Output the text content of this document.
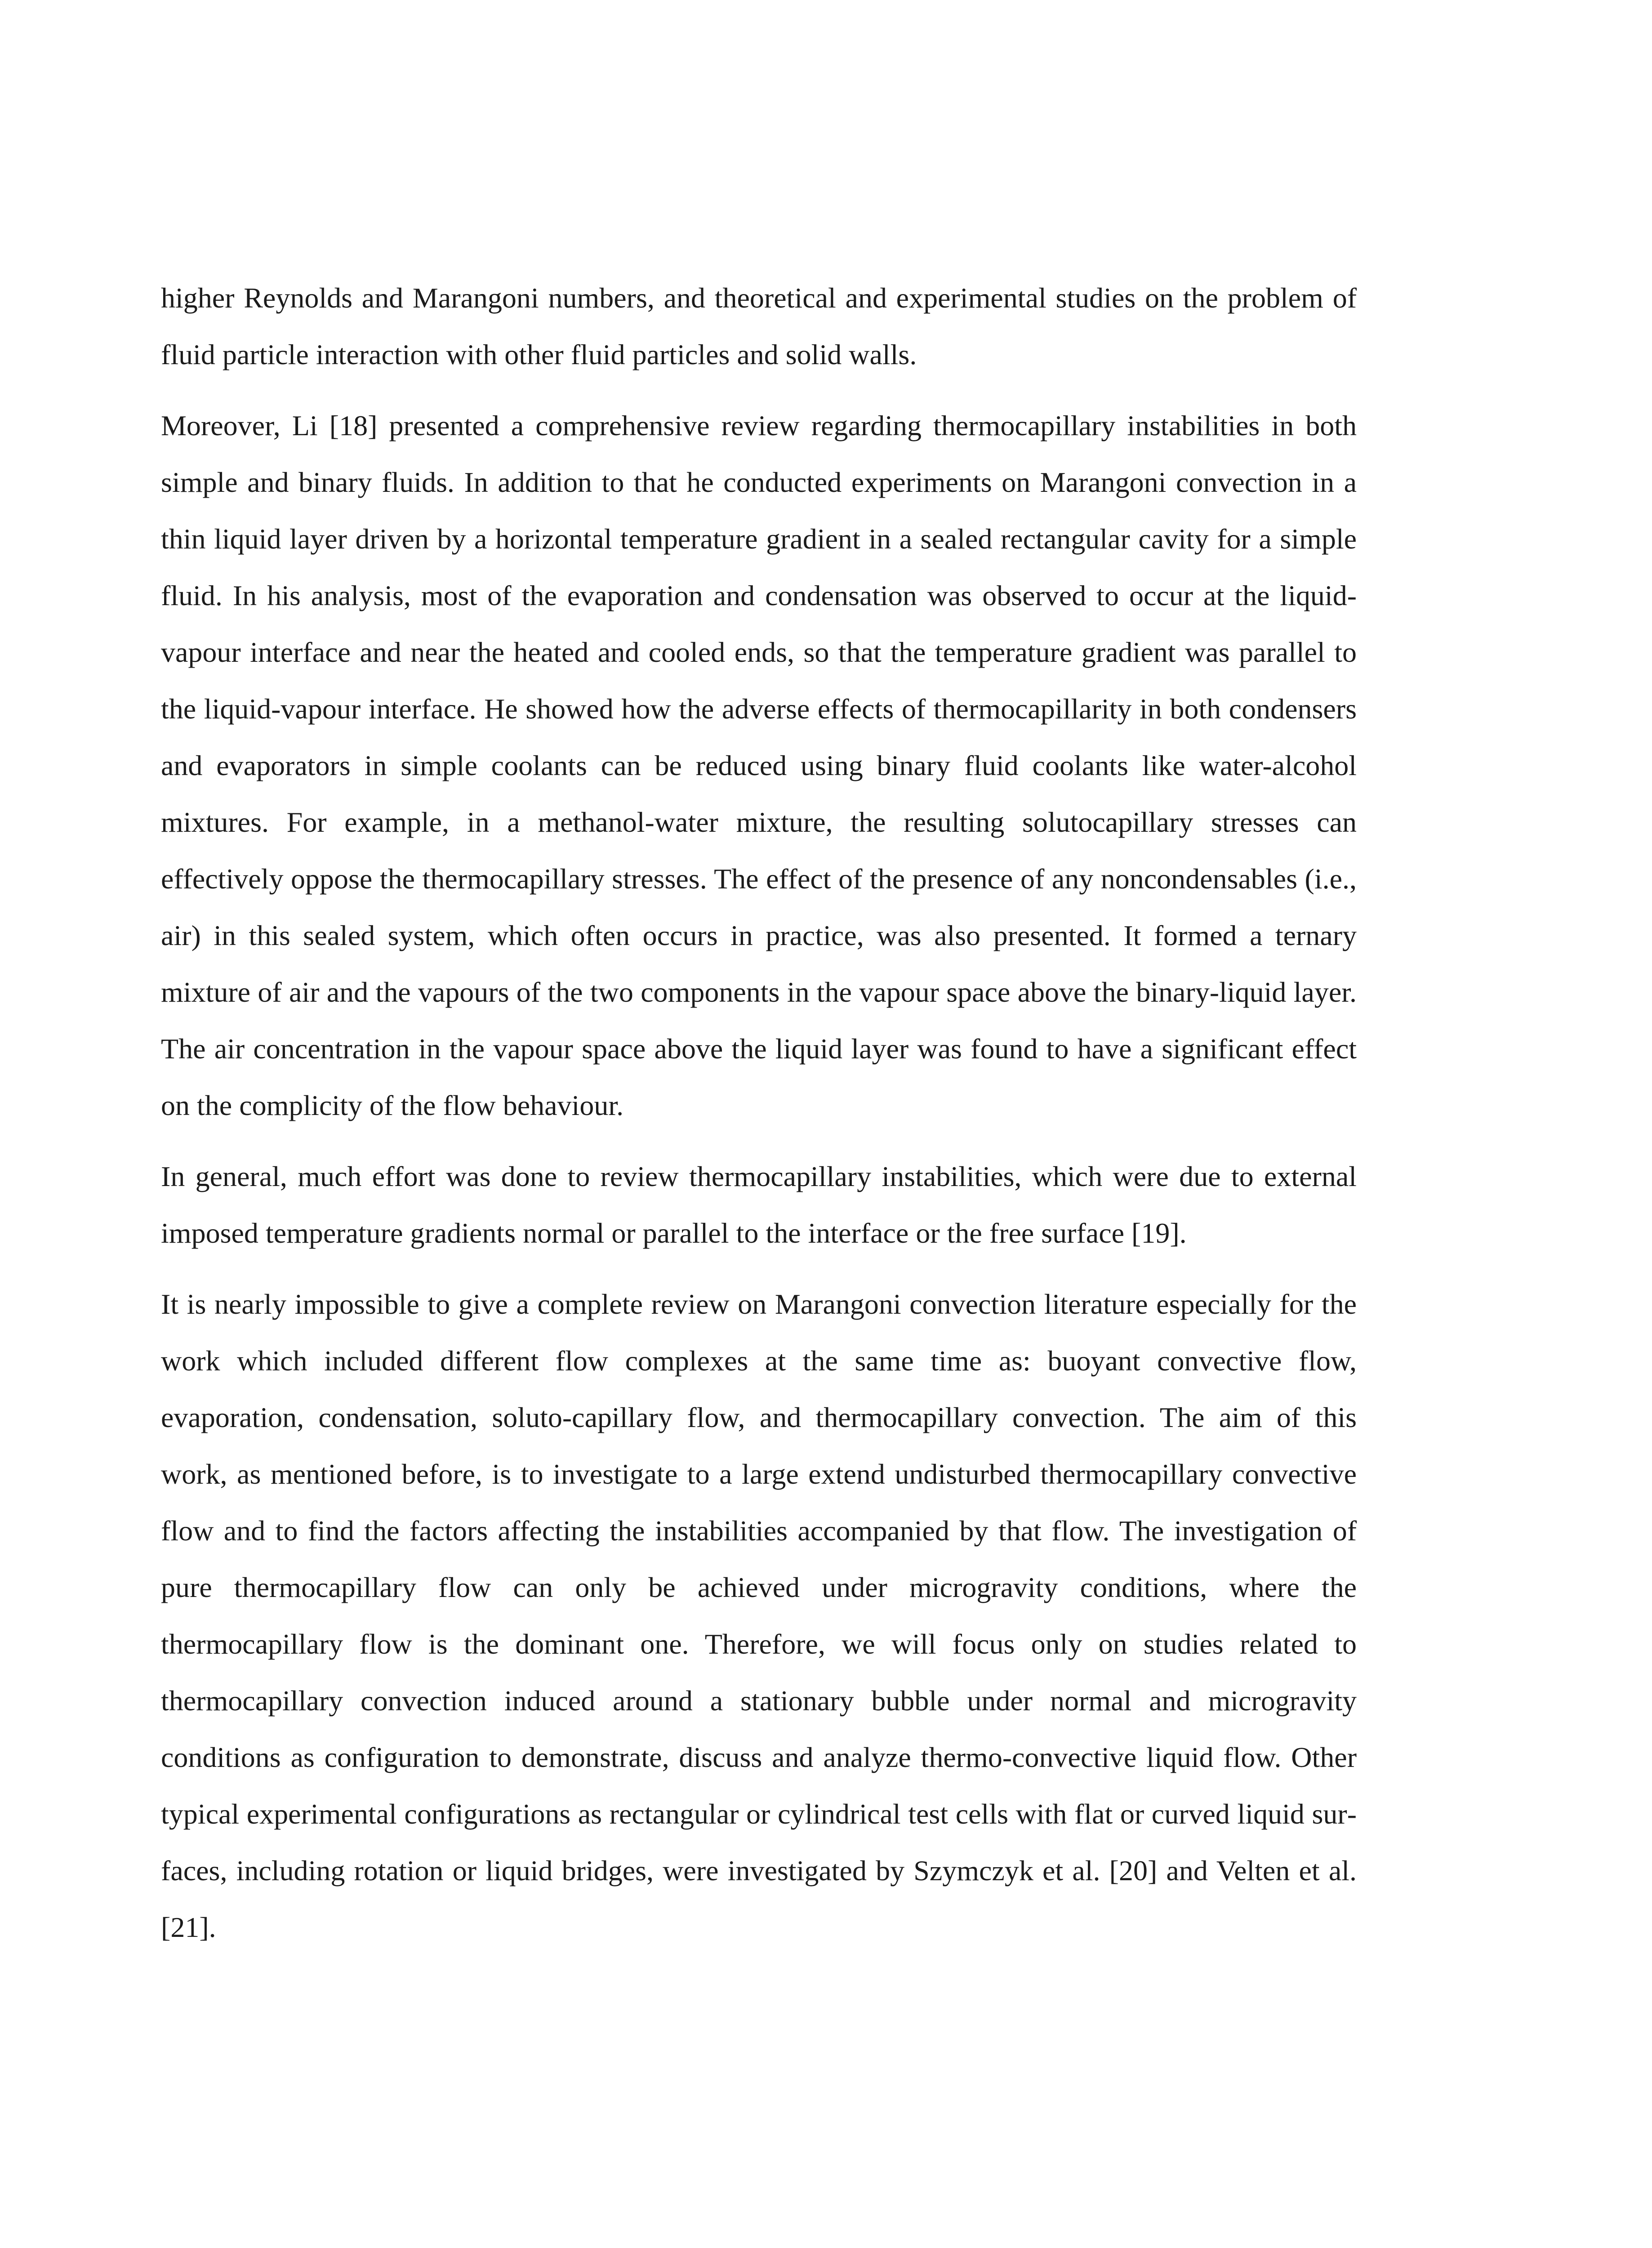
higher Reynolds and Marangoni numbers, and theoretical and experimental studies on the problem of fluid particle interaction with other fluid particles and solid walls.

Moreover, Li [18] presented a comprehensive review regarding thermocapillary instabilities in both simple and binary fluids. In addition to that he conducted experiments on Marangoni convection in a thin liquid layer driven by a horizontal temperature gradient in a sealed rectangular cavity for a simple fluid. In his analysis, most of the evaporation and condensation was observed to occur at the liquid-vapour interface and near the heated and cooled ends, so that the temperature gradient was parallel to the liquid-vapour interface. He showed how the adverse effects of thermocapillarity in both condensers and evaporators in simple coolants can be reduced using binary fluid coolants like water-alcohol mixtures. For example, in a methanol-water mixture, the resulting solutocapillary stresses can effectively oppose the thermocapillary stresses. The effect of the presence of any noncondensables (i.e., air) in this sealed system, which often occurs in practice, was also presented. It formed a ternary mixture of air and the vapours of the two components in the vapour space above the binary-liquid layer. The air concentration in the vapour space above the liquid layer was found to have a significant effect on the complicity of the flow behaviour.

In general, much effort was done to review thermocapillary instabilities, which were due to external imposed temperature gradients normal or parallel to the interface or the free surface [19].

It is nearly impossible to give a complete review on Marangoni convection literature especially for the work which included different flow complexes at the same time as: buoyant convective flow, evaporation, condensation, soluto-capillary flow, and thermocapillary convection. The aim of this work, as mentioned before, is to investigate to a large extend undisturbed thermocapillary convective flow and to find the factors affecting the instabilities accompanied by that flow. The investigation of pure thermocapillary flow can only be achieved under microgravity conditions, where the thermocapillary flow is the dominant one. Therefore, we will focus only on studies related to thermocapillary convection induced around a stationary bubble under normal and microgravity conditions as configuration to demonstrate, discuss and analyze thermo-convective liquid flow. Other typical experimental configurations as rectangular or cylindrical test cells with flat or curved liquid surfaces, including rotation or liquid bridges, were investigated by Szymczyk et al. [20] and Velten et al. [21].
